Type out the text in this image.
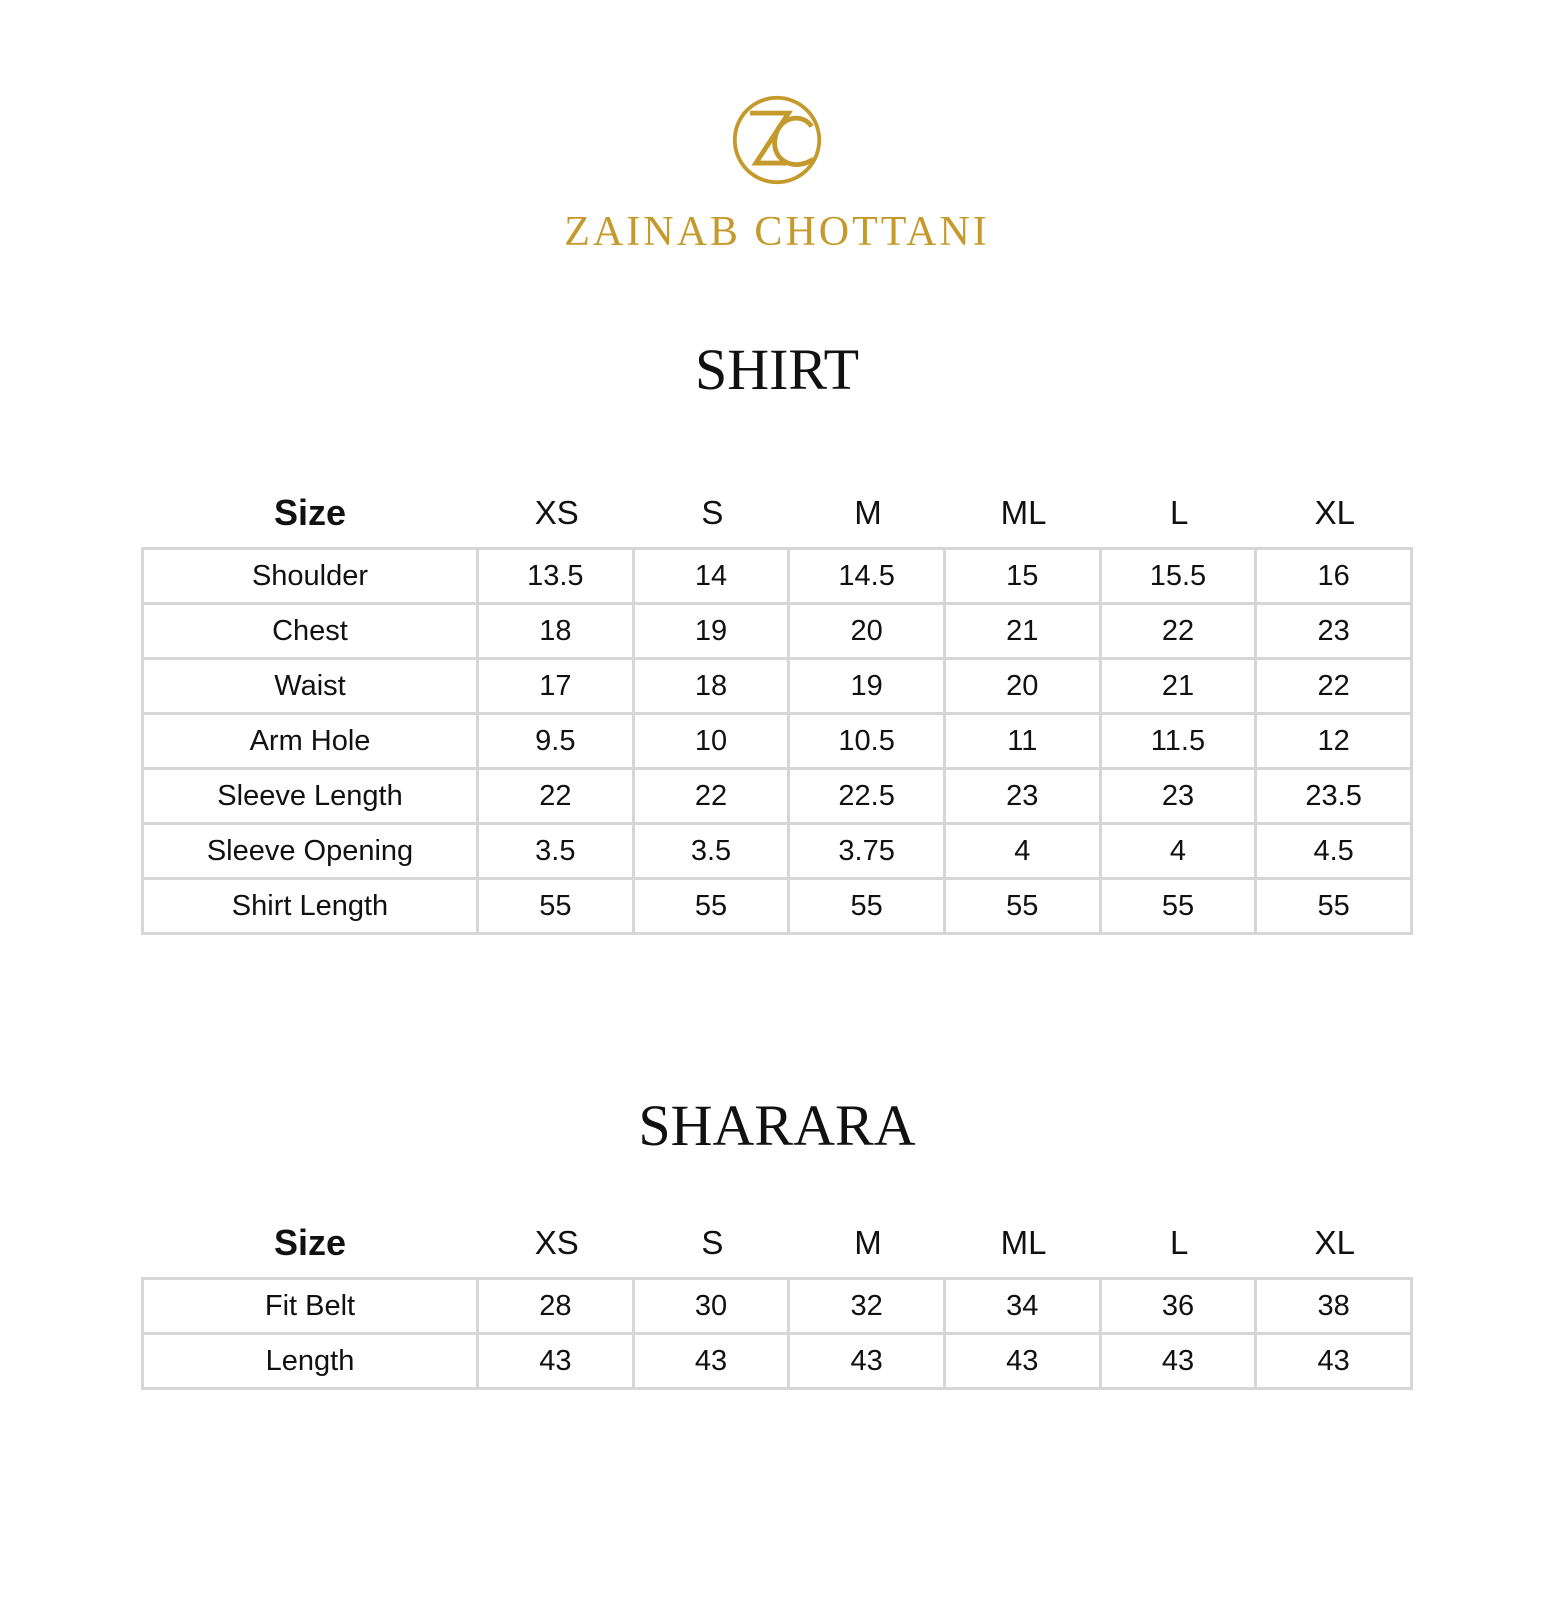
ZAINAB CHOTTANI
SHIRT
Size	XS	S	M	ML	L	XL
Shoulder	13.5	14	14.5	15	15.5	16
Chest	18	19	20	21	22	23
Waist	17	18	19	20	21	22
Arm Hole	9.5	10	10.5	11	11.5	12
Sleeve Length	22	22	22.5	23	23	23.5
Sleeve Opening	3.5	3.5	3.75	4	4	4.5
Shirt Length	55	55	55	55	55	55
SHARARA
Size	XS	S	M	ML	L	XL
Fit Belt	28	30	32	34	36	38
Length	43	43	43	43	43	43
